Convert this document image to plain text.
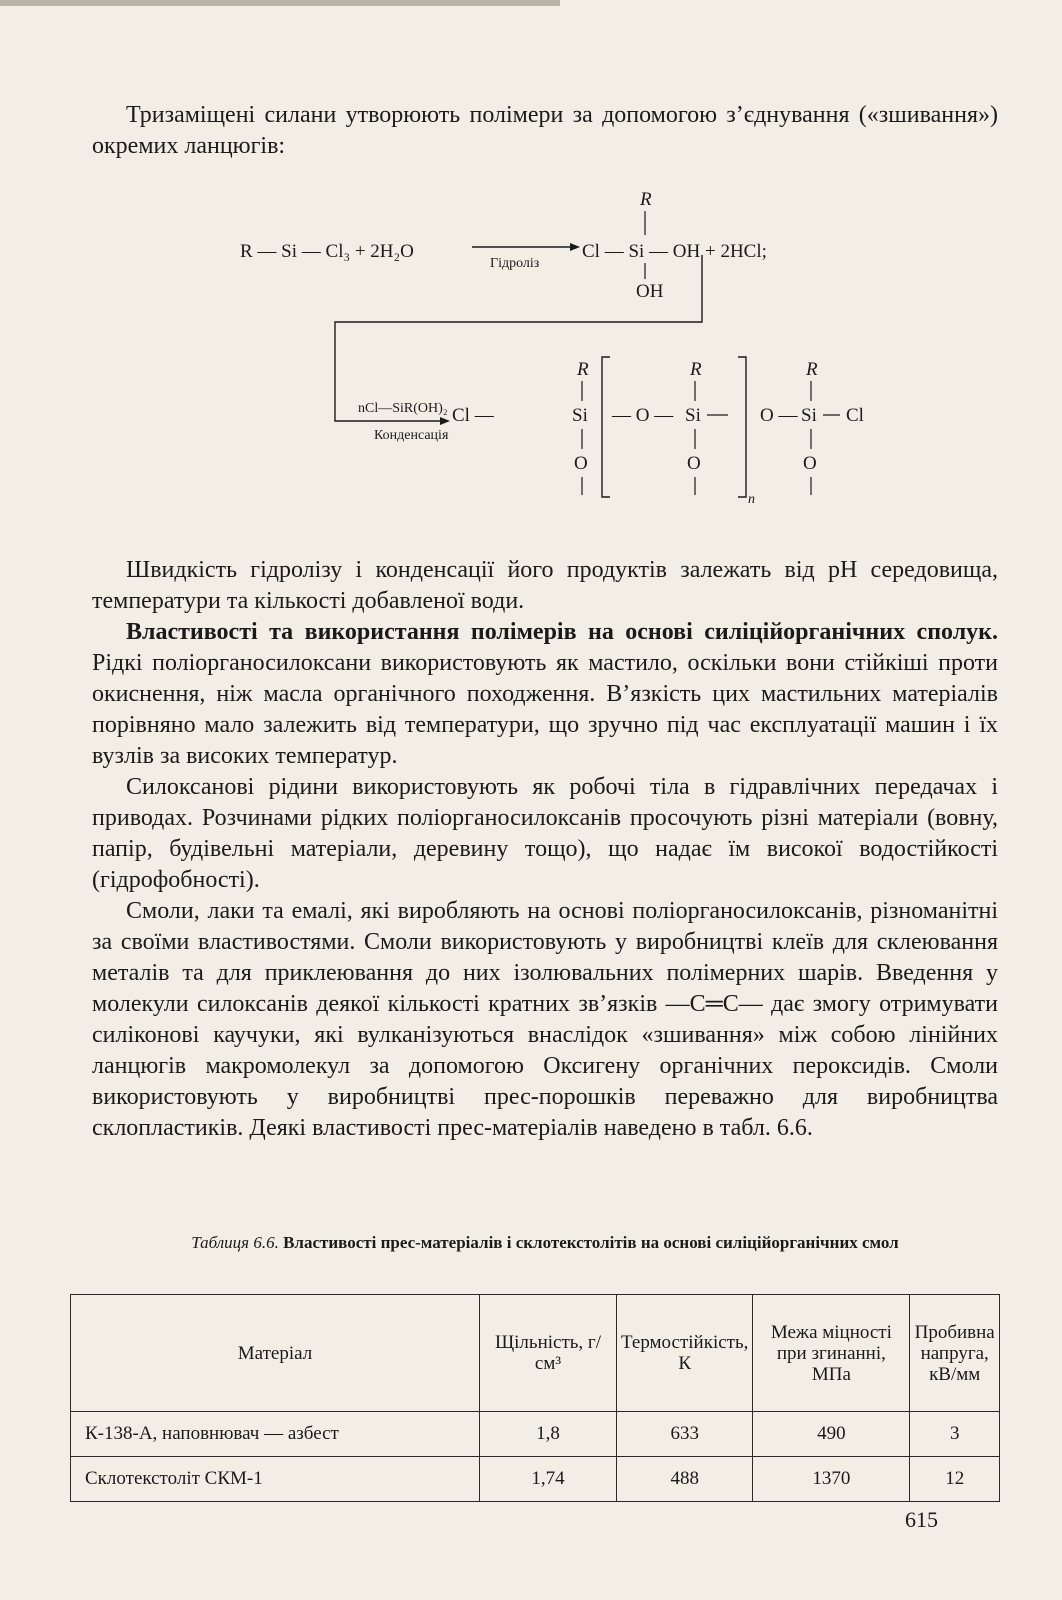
Тризаміщені силани утворюють полімери за допомогою з’єднування («зшивання») окремих ланцюгів:

R — Si — Cl₃ + 2H₂O
Гідроліз
Cl — Si — OH + 2HCl;
R
OH
nCl—SiR(OH)₂
Конденсація
Cl —
R
Si
O
— O —
R
Si
O
n
O —
R
Si Cl
O

Швидкість гідролізу і конденсації його продуктів залежать від pH середовища, температури та кількості добавленої води.

Властивості та використання полімерів на основі силіційорганічних сполук. Рідкі поліорганосилоксани використовують як мастило, оскільки вони стійкіші проти окиснення, ніж масла органічного походження. В’язкість цих мастильних матеріалів порівняно мало залежить від температури, що зручно під час експлуатації машин і їх вузлів за високих температур.

Силоксанові рідини використовують як робочі тіла в гідравлічних передачах і приводах. Розчинами рідких поліорганосилоксанів просочують різні матеріали (вовну, папір, будівельні матеріали, деревину тощо), що надає їм високої водостійкості (гідрофобності).

Смоли, лаки та емалі, які виробляють на основі поліорганосилоксанів, різноманітні за своїми властивостями. Смоли використовують у виробництві клеїв для склеювання металів та для приклеювання до них ізолювальних полімерних шарів. Введення у молекули силоксанів деякої кількості кратних зв’язків —C═C— дає змогу отримувати силіконові каучуки, які вулканізуються внаслідок «зшивання» між собою лінійних ланцюгів макромолекул за допомогою Оксигену органічних пероксидів. Смоли використовують у виробництві прес-порошків переважно для виробництва склопластиків. Деякі властивості прес-матеріалів наведено в табл. 6.6.

Таблиця 6.6. Властивості прес-матеріалів і склотекстолітів на основі силіційорганічних смол
Матеріал	Щільність, г/см³	Термостійкість, К	Межа міцності при згинанні, МПа	Пробивна напруга, кВ/мм
К-138-А, наповнювач — азбест	1,8	633	490	3
Склотекстоліт СКМ-1	1,74	488	1370	12
615
